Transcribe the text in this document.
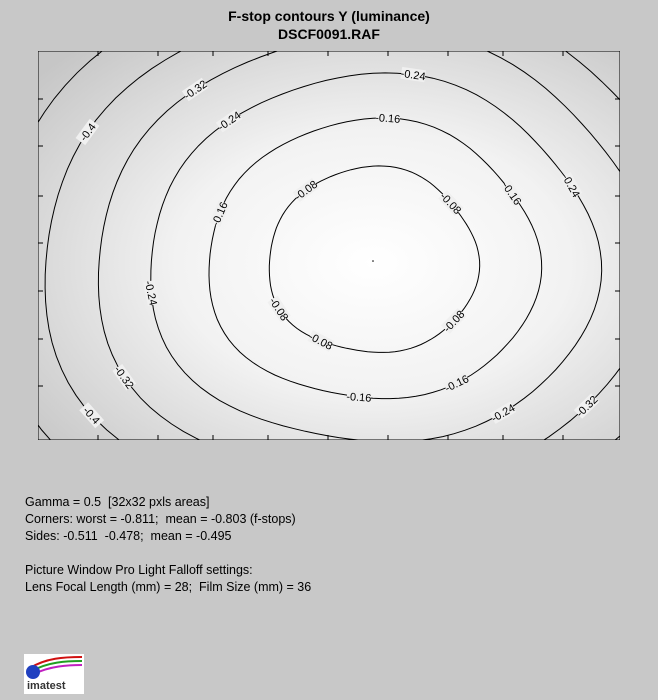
F-stop contours Y (luminance)
DSCF0091.RAF
-0.08
-0.08
-0.08
-0.08
-0.08
-0.16
-0.16
-0.16
-0.16
-0.16
-0.24
-0.24
-0.24
-0.24
-0.24
-0.32
-0.32
-0.32
-0.4
-0.4
Gamma = 0.5  [32x32 pxls areas]
Corners: worst = -0.811;  mean = -0.803 (f-stops)
Sides: -0.511  -0.478;  mean = -0.495
Picture Window Pro Light Falloff settings:
Lens Focal Length (mm) = 28;  Film Size (mm) = 36
imatest
